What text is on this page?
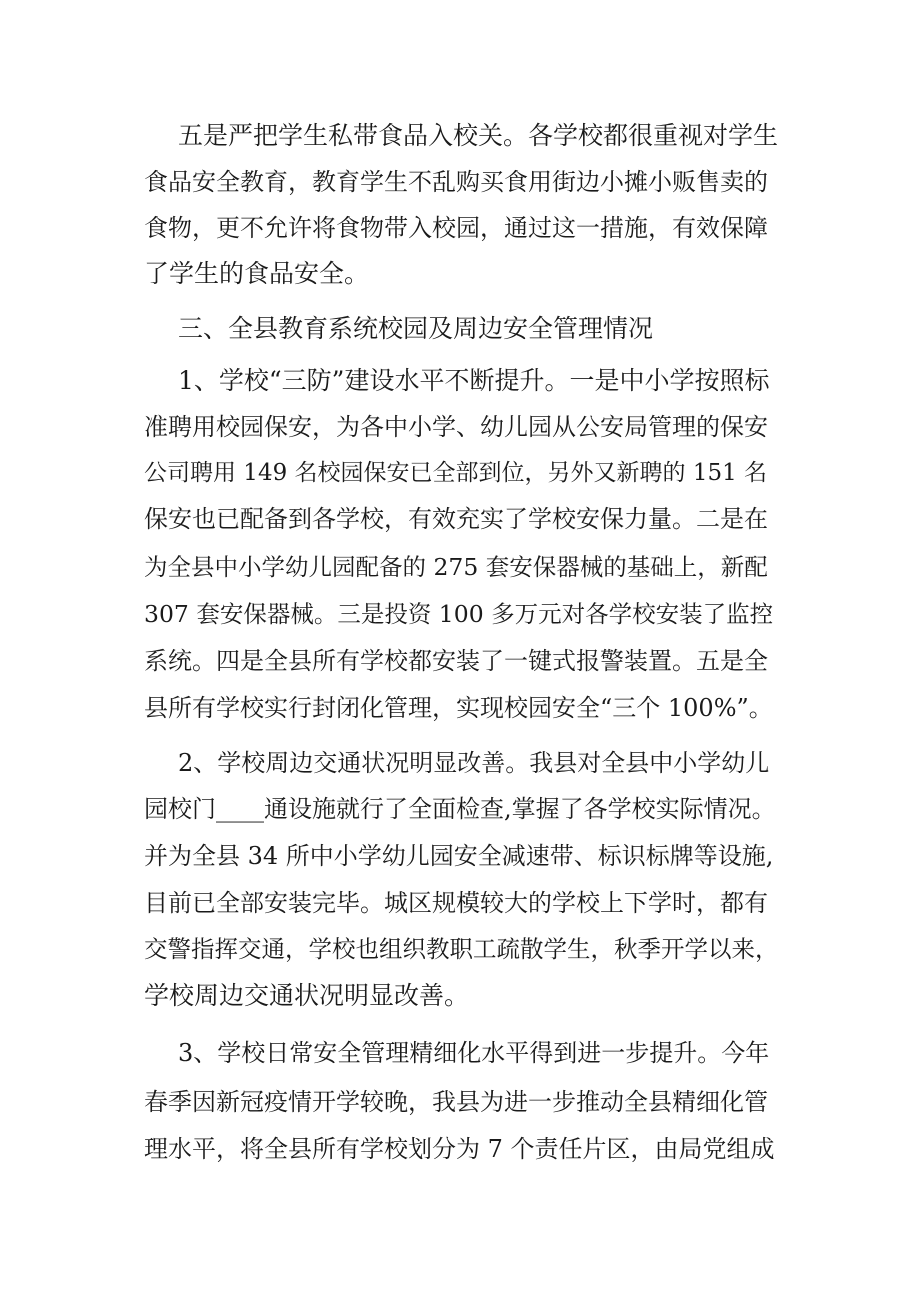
五是严把学生私带食品入校关。各学校都很重视对学生

食品安全教育，教育学生不乱购买食用街边小摊小贩售卖的

食物，更不允许将食物带入校园，通过这一措施，有效保障

了学生的食品安全。

三、全县教育系统校园及周边安全管理情况

1、学校“三防”建设水平不断提升。一是中小学按照标

准聘用校园保安，为各中小学、幼儿园从公安局管理的保安

公司聘用 149 名校园保安已全部到位，另外又新聘的 151 名

保安也已配备到各学校，有效充实了学校安保力量。二是在

为全县中小学幼儿园配备的 275 套安保器械的基础上，新配

307 套安保器械。三是投资 100 多万元对各学校安装了监控

系统。四是全县所有学校都安装了一键式报警装置。五是全

县所有学校实行封闭化管理，实现校园安全“三个 100%”。

2、学校周边交通状况明显改善。我县对全县中小学幼儿

园校门____通设施就行了全面检查,掌握了各学校实际情况。

并为全县 34 所中小学幼儿园安全减速带、标识标牌等设施,

目前已全部安装完毕。城区规模较大的学校上下学时，都有

交警指挥交通，学校也组织教职工疏散学生，秋季开学以来，

学校周边交通状况明显改善。

3、学校日常安全管理精细化水平得到进一步提升。今年

春季因新冠疫情开学较晚，我县为进一步推动全县精细化管

理水平，将全县所有学校划分为 7 个责任片区，由局党组成
